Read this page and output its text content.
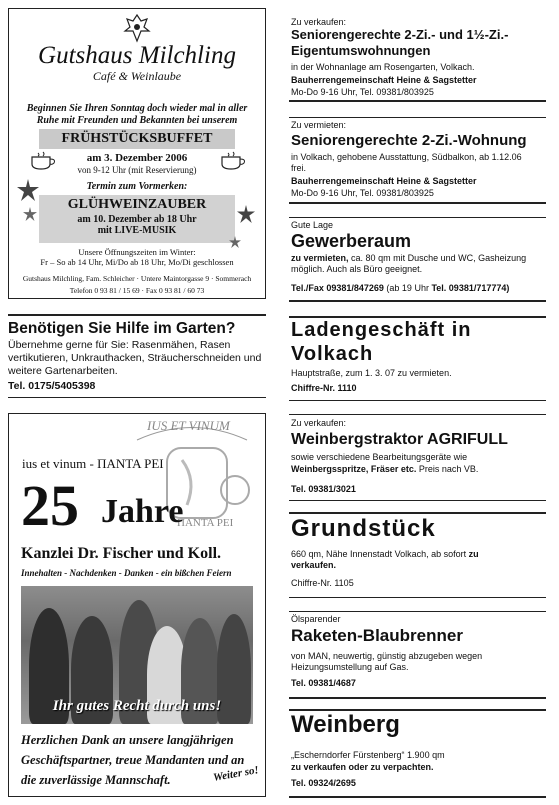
Gutshaus Milchling
Café & Weinlaube
Beginnen Sie Ihren Sonntag doch wieder mal in aller Ruhe mit Freunden und Bekannten bei unserem
FRÜHSTÜCKSBUFFET
am 3. Dezember 2006
von 9-12 Uhr (mit Reservierung)
Termin zum Vormerken:
GLÜHWEINZAUBER
am 10. Dezember ab 18 Uhr
mit LIVE-MUSIK
Unsere Öffnungszeiten im Winter:
Fr – So ab 14 Uhr, Mi/Do ab 18 Uhr, Mo/Di geschlossen
Gutshaus Milchling, Fam. Schleicher · Untere Maintorgasse 9 · Sommerach
Telefon 0 93 81 / 15 69 · Fax 0 93 81 / 60 73
Benötigen Sie Hilfe im Garten?
Übernehme gerne für Sie: Rasenmähen, Rasen vertikutieren, Unkrauthacken, Sträucherschneiden und weitere Gartenarbeiten.
Tel. 0175/5405398
IUS ET VINUM
ΠΑΝΤΑ ΡΕΙ
ius et vinum - ΠΑΝΤΑ ΡΕΙ
25 Jahre
Kanzlei Dr. Fischer und Koll.
Innehalten - Nachdenken - Danken - ein bißchen Feiern
Ihr gutes Recht durch uns!
Herzlichen Dank an unsere langjährigen Geschäftspartner, treue Mandanten und an die zuverlässige Mannschaft.	Weiter so!
Zu verkaufen:
Seniorengerechte 2-Zi.- und 1½-Zi.-Eigentumswohnungen
in der Wohnanlage am Rosengarten, Volkach.
Bauherrengemeinschaft Heine & Sagstetter
Mo-Do 9-16 Uhr, Tel. 09381/803925
Zu vermieten:
Seniorengerechte 2-Zi.-Wohnung
in Volkach, gehobene Ausstattung, Südbalkon, ab 1.12.06 frei.
Bauherrengemeinschaft Heine & Sagstetter
Mo-Do 9-16 Uhr, Tel. 09381/803925
Gute Lage
Gewerberaum
zu vermieten, ca. 80 qm mit Dusche und WC, Gasheizung möglich. Auch als Büro geeignet.
Tel./Fax 09381/847269 (ab 19 Uhr Tel. 09381/717774)
Ladengeschäft in Volkach
Hauptstraße, zum 1. 3. 07 zu vermieten.
Chiffre-Nr. 1110
Zu verkaufen:
Weinbergstraktor AGRIFULL
sowie verschiedene Bearbeitungsgeräte wie
Weinbergsspritze, Fräser etc. Preis nach VB.
Tel. 09381/3021
Grundstück
660 qm, Nähe Innenstadt Volkach, ab sofort zu verkaufen.
Chiffre-Nr. 1105
Ölsparender
Raketen-Blaubrenner
von MAN, neuwertig, günstig abzugeben wegen Heizungsumstellung auf Gas.
Tel. 09381/4687
Weinberg
„Escherndorfer Fürstenberg“ 1.900 qm
zu verkaufen oder zu verpachten.
Tel. 09324/2695
